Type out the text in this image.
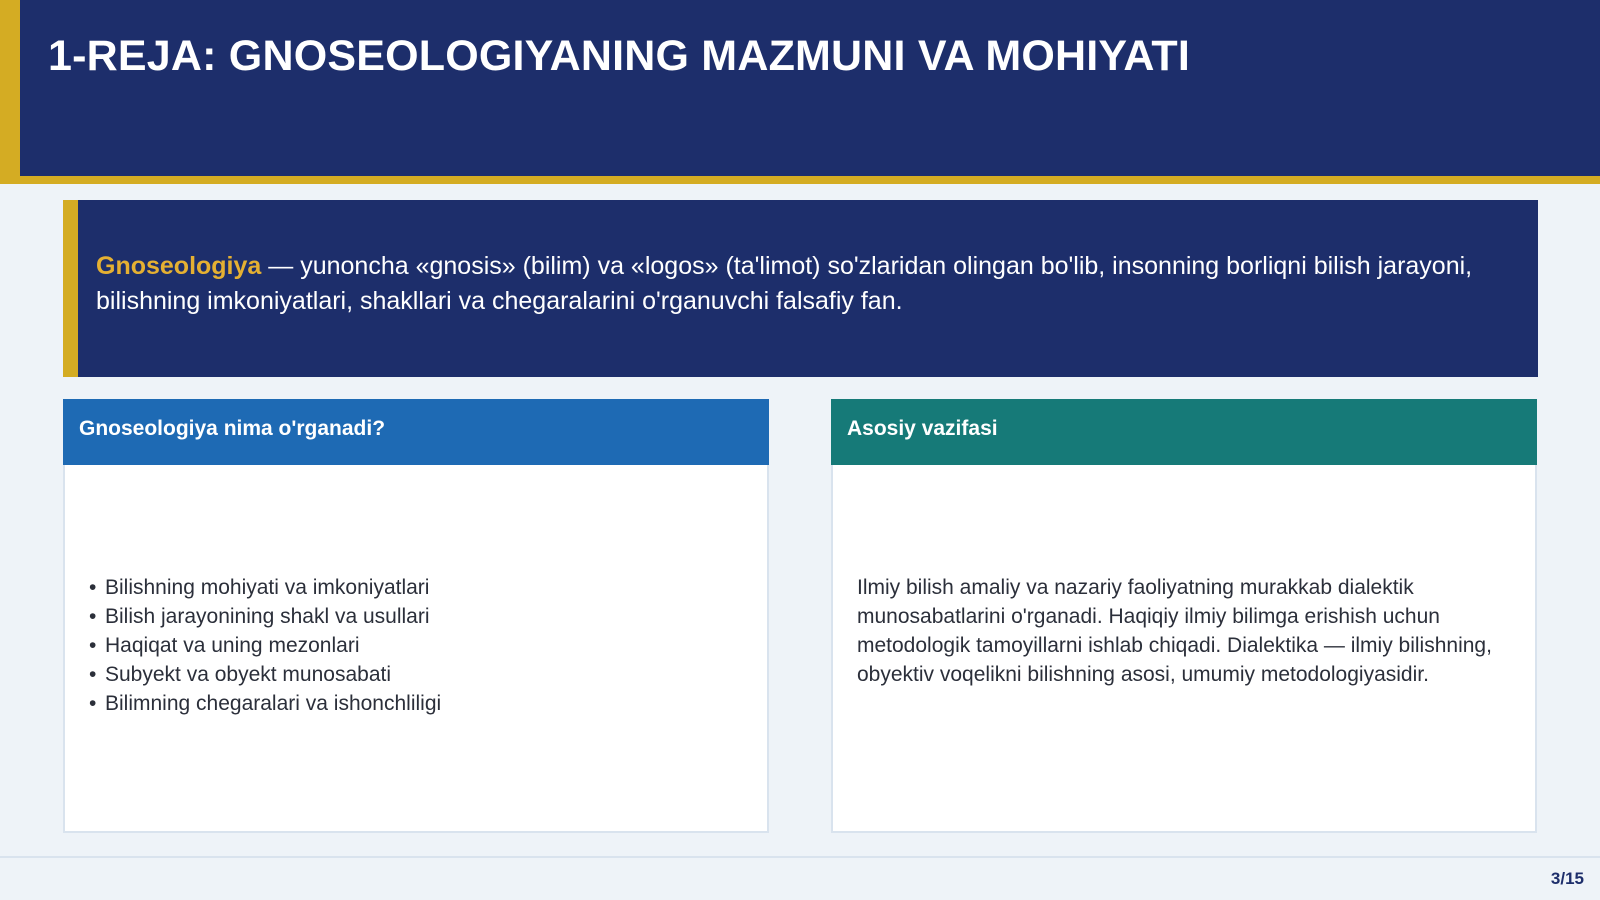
1-REJA: GNOSEOLOGIYANING MAZMUNI VA MOHIYATI

Gnoseologiya — yunoncha «gnosis» (bilim) va «logos» (ta'limot) so'zlaridan olingan bo'lib, insonning borliqni bilish jarayoni, bilishning imkoniyatlari, shakllari va chegaralarini o'rganuvchi falsafiy fan.

Gnoseologiya nima o'rganadi?
• Bilishning mohiyati va imkoniyatlari
• Bilish jarayonining shakl va usullari
• Haqiqat va uning mezonlari
• Subyekt va obyekt munosabati
• Bilimning chegaralari va ishonchliligi
Asosiy vazifasi

Ilmiy bilish amaliy va nazariy faoliyatning murakkab dialektik munosabatlarini o'rganadi. Haqiqiy ilmiy bilimga erishish uchun metodologik tamoyillarni ishlab chiqadi. Dialektika — ilmiy bilishning, obyektiv voqelikni bilishning asosi, umumiy metodologiyasidir.

3/15
